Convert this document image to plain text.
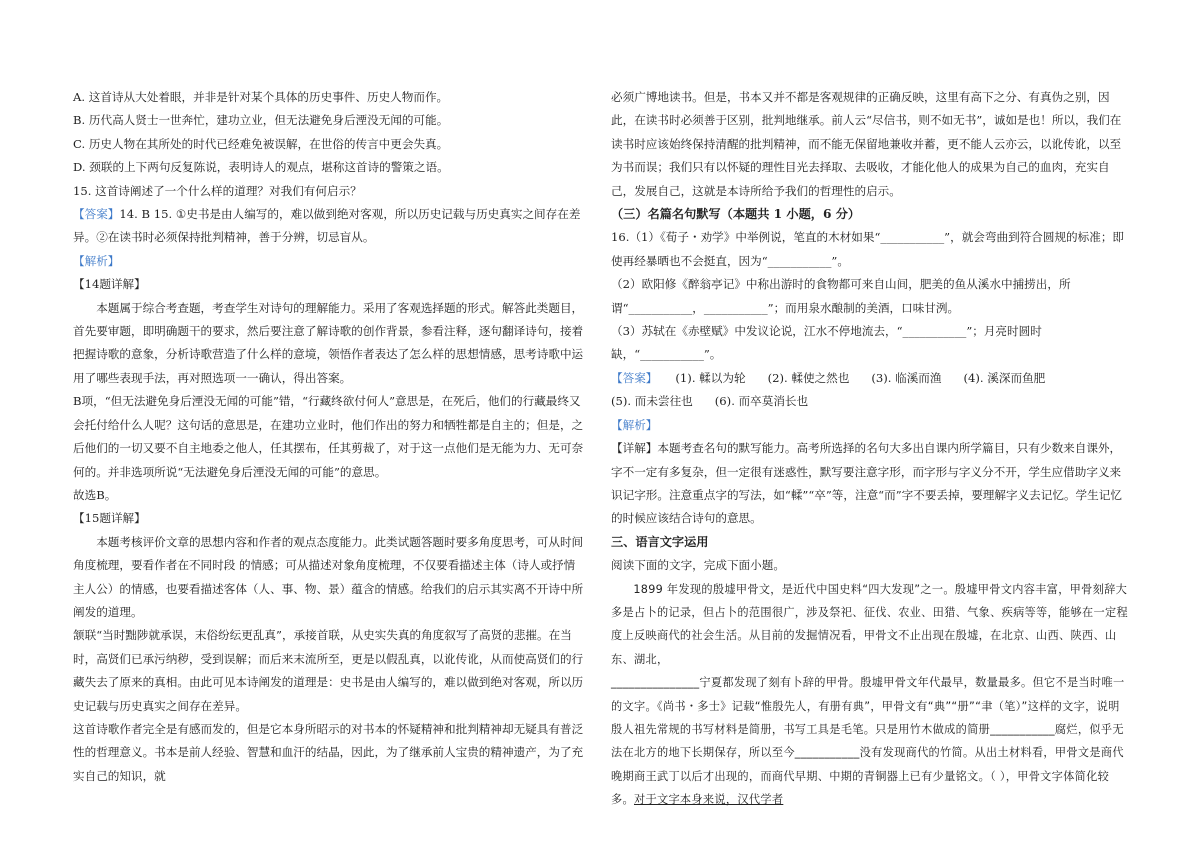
A. 这首诗从大处着眼，并非是针对某个具体的历史事件、历史人物而作。

B. 历代高人贤士一世奔忙，建功立业，但无法避免身后湮没无闻的可能。

C. 历史人物在其所处的时代已经难免被误解，在世俗的传言中更会失真。

D. 颈联的上下两句反复陈说，表明诗人的观点，堪称这首诗的警策之语。

15. 这首诗阐述了一个什么样的道理？对我们有何启示？

【答案】14. B 15. ①史书是由人编写的，难以做到绝对客观，所以历史记载与历史真实之间存在差异。②在读书时必须保持批判精神，善于分辨，切忌盲从。

【解析】

【14题详解】

本题属于综合考查题，考查学生对诗句的理解能力。采用了客观选择题的形式。解答此类题目，首先要审题，即明确题干的要求，然后要注意了解诗歌的创作背景，参看注释，逐句翻译诗句，接着把握诗歌的意象，分析诗歌营造了什么样的意境，领悟作者表达了怎么样的思想情感，思考诗歌中运用了哪些表现手法，再对照选项一一确认，得出答案。

B项，“但无法避免身后湮没无闻的可能”错，“行藏终欲付何人”意思是，在死后，他们的行藏最终又会托付给什么人呢？这句话的意思是，在建功立业时，他们作出的努力和牺牲都是自主的；但是，之后他们的一切又要不自主地委之他人，任其摆布，任其剪裁了，对于这一点他们是无能为力、无可奈何的。并非选项所说“无法避免身后湮没无闻的可能”的意思。

故选B。

【15题详解】

本题考核评价文章的思想内容和作者的观点态度能力。此类试题答题时要多角度思考，可从时间角度梳理，要看作者在不同时段 的情感；可从描述对象角度梳理，不仅要看描述主体（诗人或抒情 主人公）的情感，也要看描述客体（人、事、物、景）蕴含的情感。给我们的启示其实离不开诗中所阐发的道理。

颔联“当时黜陟就承误，末俗纷纭更乱真”，承接首联，从史实失真的角度叙写了高贤的悲摧。在当时，高贤们已承污纳秽，受到误解；而后来末流所至，更是以假乱真，以讹传讹，从而使高贤们的行藏失去了原来的真相。由此可见本诗阐发的道理是：史书是由人编写的，难以做到绝对客观，所以历史记载与历史真实之间存在差异。

这首诗歌作者完全是有感而发的，但是它本身所昭示的对书本的怀疑精神和批判精神却无疑具有普泛性的哲理意义。书本是前人经验、智慧和血汗的结晶，因此，为了继承前人宝贵的精神遗产，为了充实自己的知识，就

必须广博地读书。但是，书本又并不都是客观规律的正确反映，这里有高下之分、有真伪之别，因此，在读书时必须善于区别，批判地继承。前人云“尽信书，则不如无书”，诚如是也！所以，我们在读书时应该始终保持清醒的批判精神，而不能无保留地兼收并蓄，更不能人云亦云，以讹传讹，以至为书而误；我们只有以怀疑的理性目光去择取、去吸收，才能化他人的成果为自己的血肉，充实自己，发展自己，这就是本诗所给予我们的哲理性的启示。

（三）名篇名句默写（本题共 1 小题，6 分）

16.（1）《荀子・劝学》中举例说，笔直的木材如果“___________”，就会弯曲到符合圆规的标准；即使再经暴晒也不会挺直，因为“___________”。

（2）欧阳修《醉翁亭记》中称出游时的食物都可来自山间，肥美的鱼从溪水中捕捞出，所谓“___________，___________”；而用泉水酿制的美酒，口味甘洌。

（3）苏轼在《赤壁赋》中发议论说，江水不停地流去，“___________”；月亮时圆时缺，“___________”。

【答案】 (1). 輮以为轮 (2). 輮使之然也 (3). 临溪而渔 (4). 溪深而鱼肥
(5). 而未尝往也 (6). 而卒莫消长也

【解析】

【详解】本题考查名句的默写能力。高考所选择的名句大多出自课内所学篇目，只有少数来自课外，字不一定有多复杂，但一定很有迷惑性，默写要注意字形，而字形与字义分不开，学生应借助字义来识记字形。注意重点字的写法，如“輮”“卒”等，注意“而”字不要丢掉，要理解字义去记忆。学生记忆的时候应该结合诗句的意思。

三、语言文字运用

阅读下面的文字，完成下面小题。

1899 年发现的殷墟甲骨文，是近代中国史料“四大发现”之一。殷墟甲骨文内容丰富，甲骨刻辞大多是占卜的记录，但占卜的范围很广，涉及祭祀、征伐、农业、田猎、气象、疾病等等，能够在一定程度上反映商代的社会生活。从目前的发掘情况看，甲骨文不止出现在殷墟，在北京、山西、陕西、山东、湖北，

_______________宁夏都发现了刻有卜辞的甲骨。殷墟甲骨文年代最早，数量最多。但它不是当时唯一的文字。《尚书・多士》记载“惟殷先人，有册有典”，甲骨文有“典”“册”“聿（笔）”这样的文字，说明殷人祖先常规的书写材料是简册，书写工具是毛笔。只是用竹木做成的简册___________腐烂，似乎无法在北方的地下长期保存，所以至今___________没有发现商代的竹简。从出土材料看，甲骨文是商代晚期商王武丁以后才出现的，而商代早期、中期的青铜器上已有少量铭文。（ ），甲骨文字体简化较多。对于文字本身来说，汉代学者
